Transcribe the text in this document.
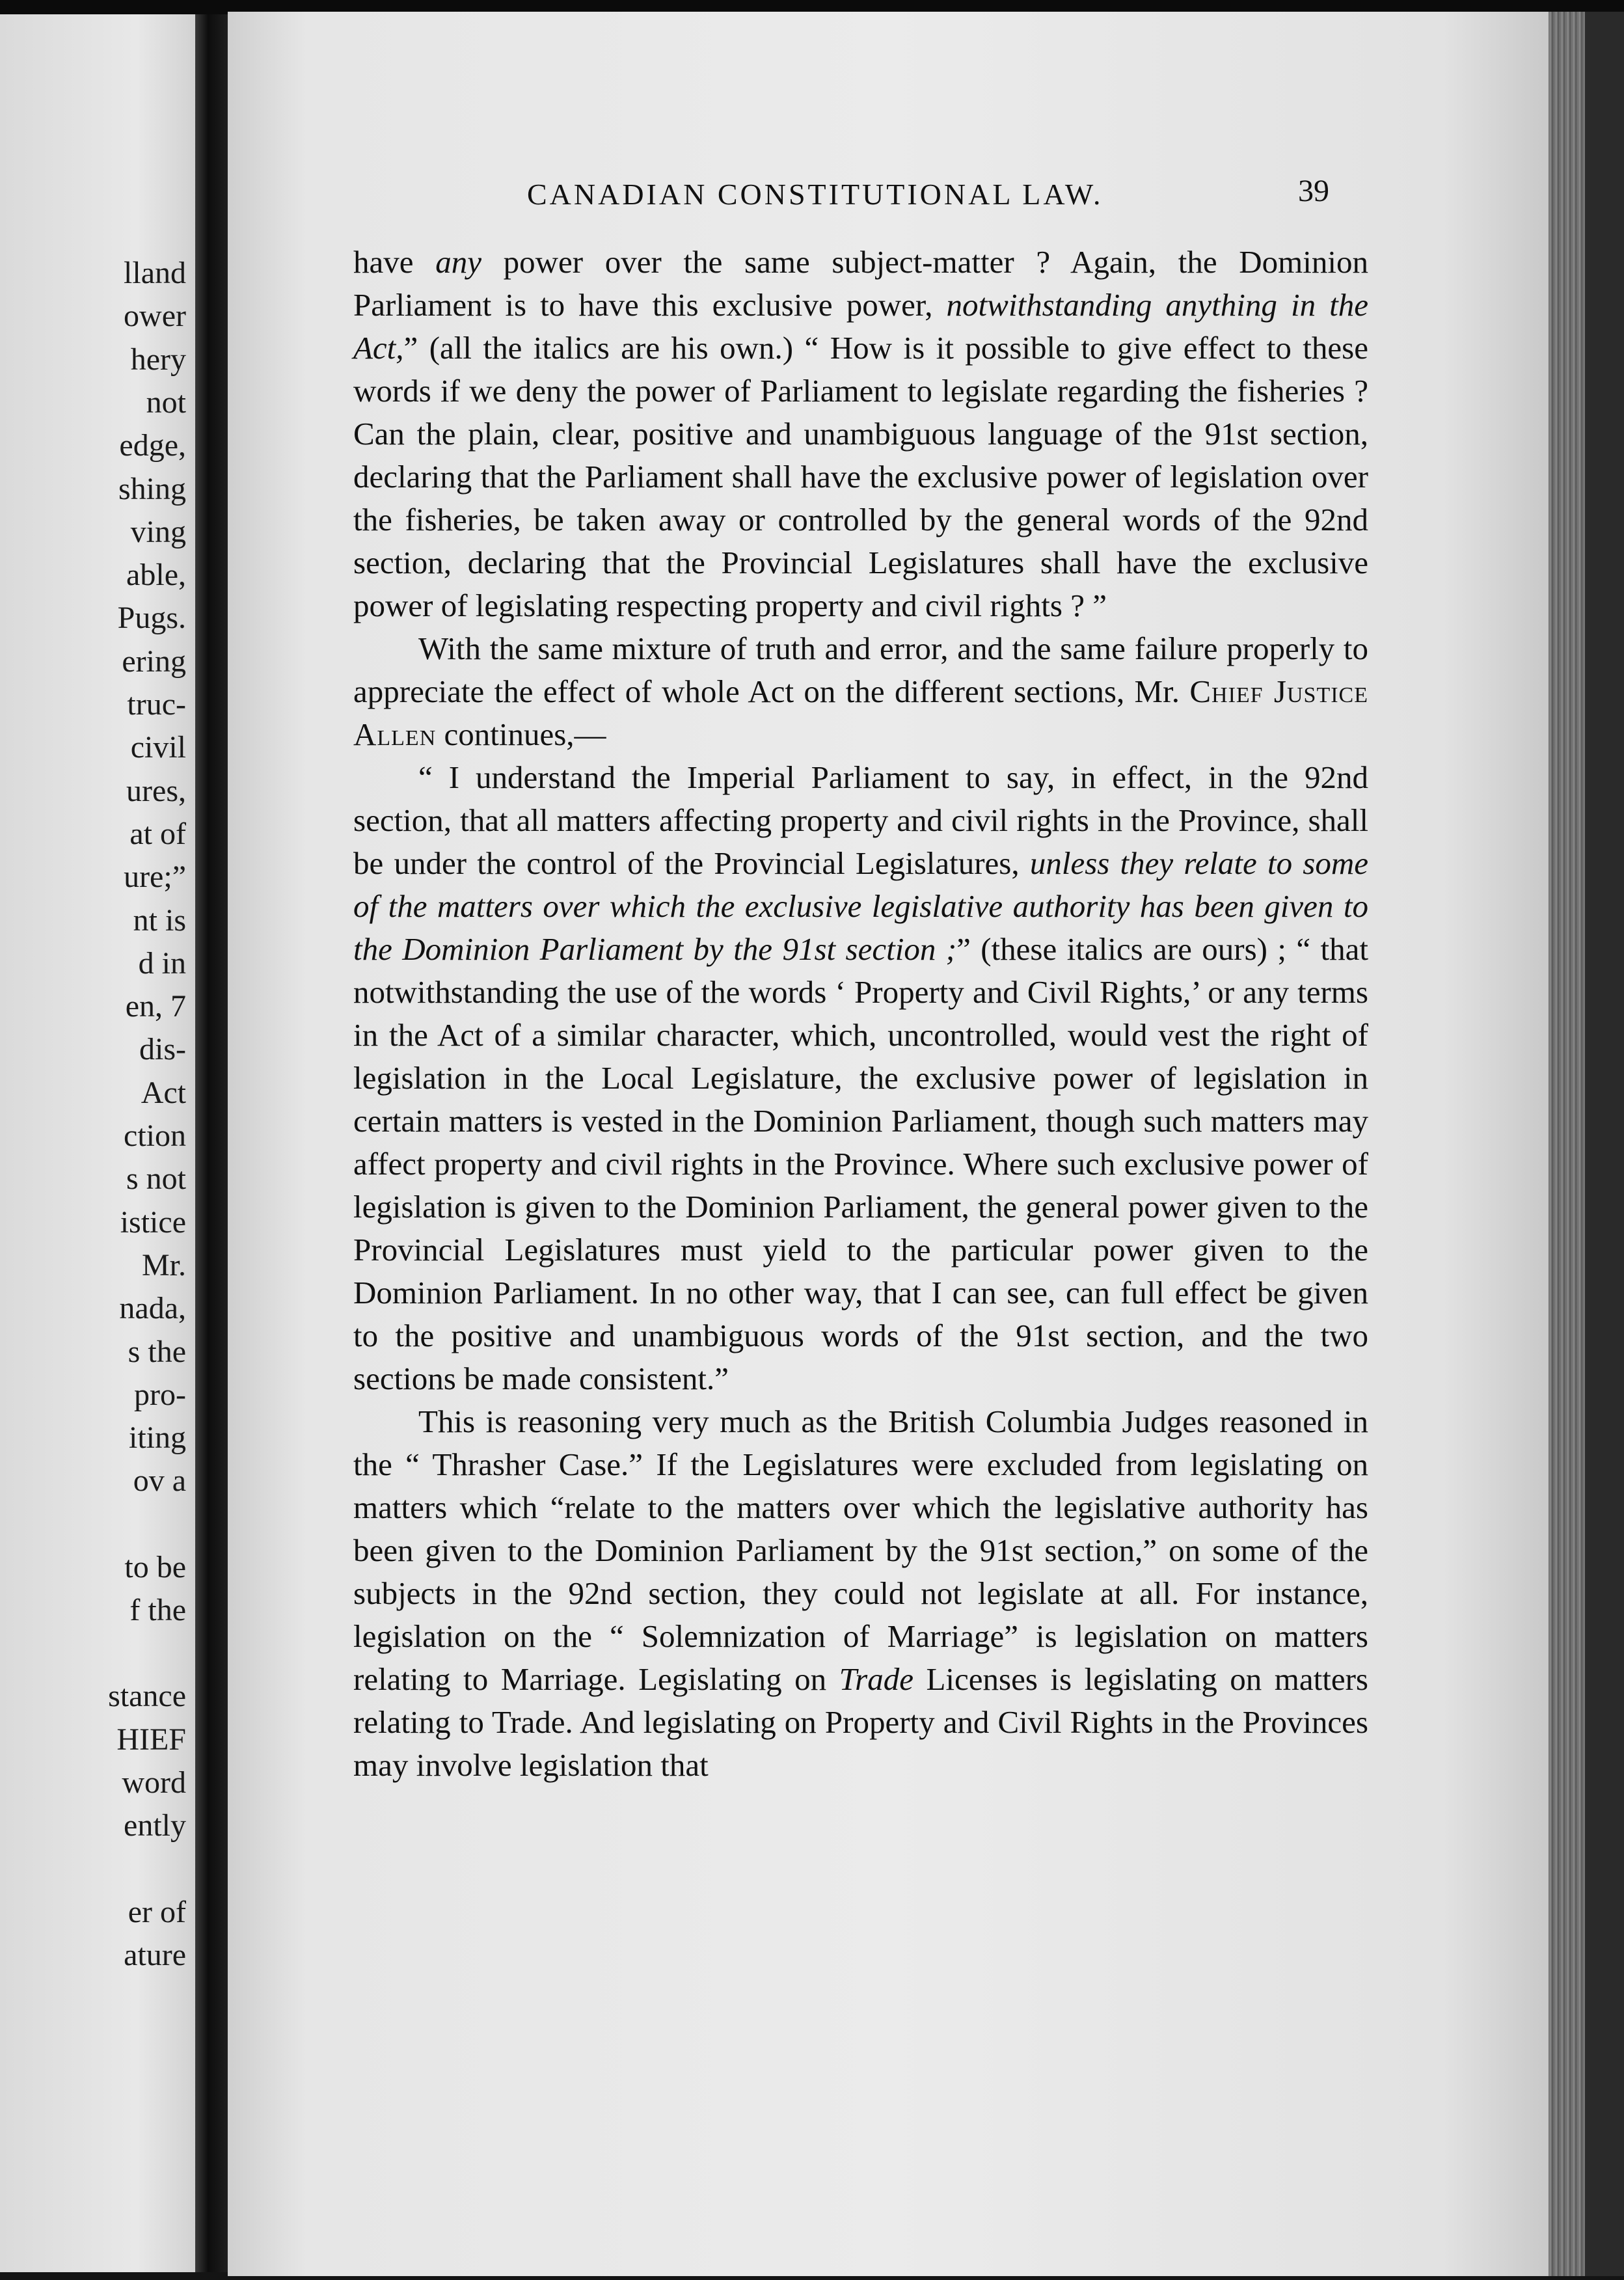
lland
ower
hery
not
edge,
shing
ving
able,
Pugs.
ering
truc-
civil
ures,
at of
ure;”
nt is
d in
en, 7
dis-
Act
ction
s not
istice
Mr.
nada,
s the
pro-
iting
ov a
to be
f the
stance
HIEF
word
ently
er of
ature
CANADIAN CONSTITUTIONAL LAW.	39

have any power over the same subject-matter ? Again, the Dominion Parliament is to have this exclusive power, notwithstanding anything in the Act,” (all the italics are his own.) “ How is it possible to give effect to these words if we deny the power of Parliament to legislate regarding the fisheries ? Can the plain, clear, positive and unambiguous language of the 91st section, declaring that the Parliament shall have the exclusive power of legislation over the fisheries, be taken away or controlled by the general words of the 92nd section, declaring that the Provincial Legislatures shall have the exclusive power of legislating respecting property and civil rights ? ”

With the same mixture of truth and error, and the same failure properly to appreciate the effect of whole Act on the different sections, Mr. Chief Justice Allen continues,—

“ I understand the Imperial Parliament to say, in effect, in the 92nd section, that all matters affecting property and civil rights in the Province, shall be under the control of the Provincial Legislatures, unless they relate to some of the matters over which the exclusive legislative authority has been given to the Dominion Parliament by the 91st section ;” (these italics are ours) ; “ that notwithstanding the use of the words ‘ Property and Civil Rights,’ or any terms in the Act of a similar character, which, uncontrolled, would vest the right of legislation in the Local Legislature, the exclusive power of legislation in certain matters is vested in the Dominion Parliament, though such matters may affect property and civil rights in the Province. Where such exclusive power of legislation is given to the Dominion Parliament, the general power given to the Provincial Legislatures must yield to the particular power given to the Dominion Parliament. In no other way, that I can see, can full effect be given to the positive and unambiguous words of the 91st section, and the two sections be made consistent.”

This is reasoning very much as the British Columbia Judges reasoned in the “ Thrasher Case.” If the Legislatures were excluded from legislating on matters which “relate to the matters over which the legislative authority has been given to the Dominion Parliament by the 91st section,” on some of the subjects in the 92nd section, they could not legislate at all. For instance, legislation on the “ Solemnization of Marriage” is legislation on matters relating to Marriage. Legislating on Trade Licenses is legislating on matters relating to Trade. And legislating on Property and Civil Rights in the Provinces may involve legislation that
